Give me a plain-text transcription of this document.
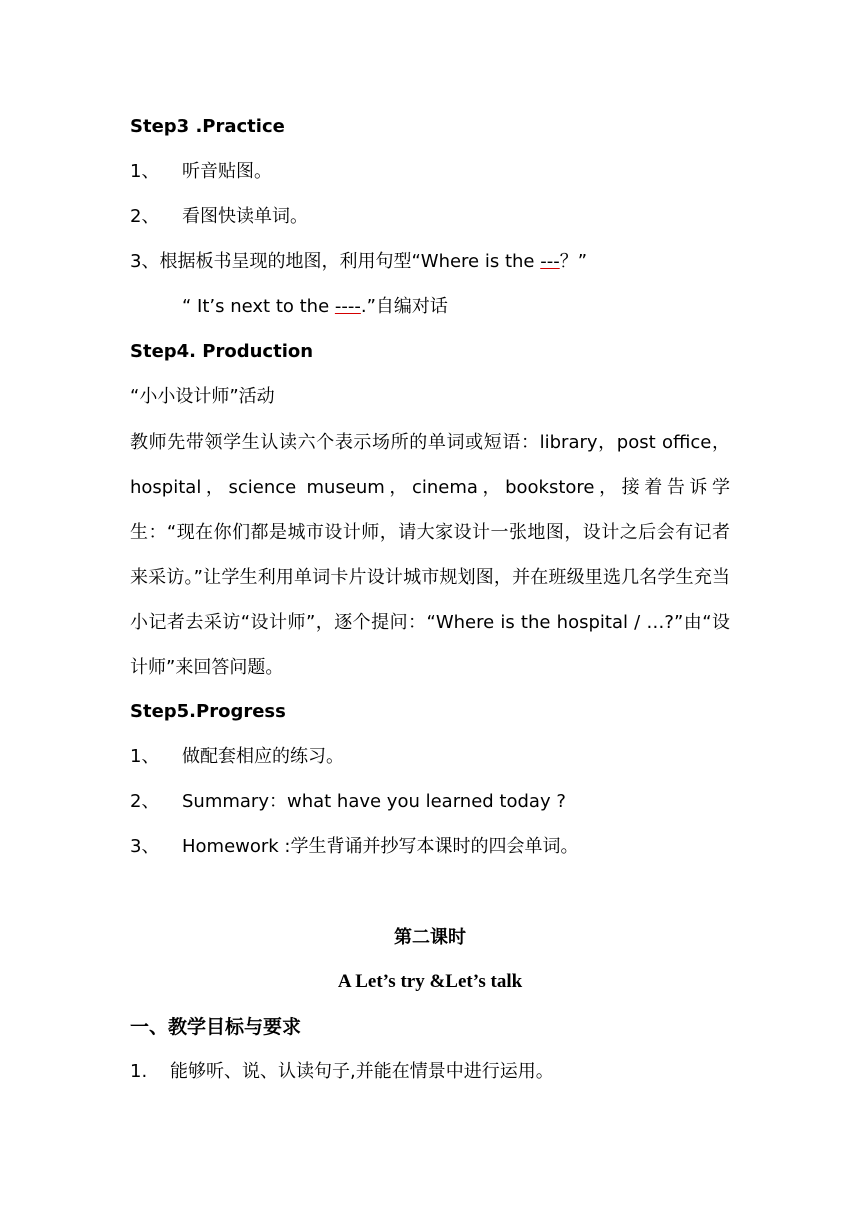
Step3 .Practice
1、 听音贴图。
2、 看图快读单词。
3、根据板书呈现的地图，利用句型“Where is the ---？”
“ It’s next to the ----.”自编对话
Step4. Production
“小小设计师”活动
教师先带领学生认读六个表示场所的单词或短语：library，post office，hospital，science museum，cinema，bookstore，接着告诉学生：“现在你们都是城市设计师，请大家设计一张地图，设计之后会有记者来采访。”让学生利用单词卡片设计城市规划图，并在班级里选几名学生充当小记者去采访“设计师”，逐个提问：“Where is the hospital / …?”由“设计师”来回答问题。
Step5.Progress
1、 做配套相应的练习。
2、 Summary：what have you learned today ?
3、 Homework :学生背诵并抄写本课时的四会单词。
第二课时
A Let’s try &Let’s talk
一、教学目标与要求
1. 能够听、说、认读句子,并能在情景中进行运用。
